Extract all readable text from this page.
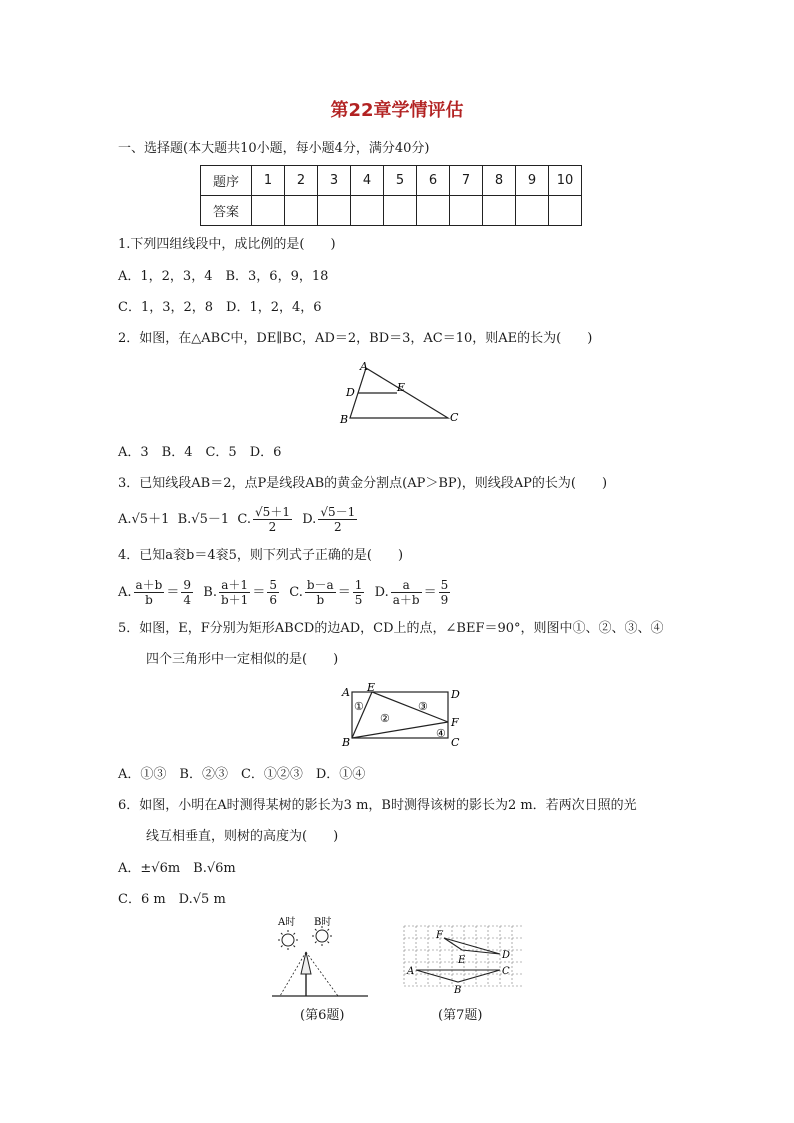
第22章学情评估
一、选择题(本大题共10小题，每小题4分，满分40分)
题序	1	2	3	4	5	6	7	8	9	10
答案										
1.下列四组线段中，成比例的是(　　)
A．1，2，3，4　B．3，6，9，18
C．1，3，2，8　D．1，2，4，6
2．如图，在△ABC中，DE∥BC，AD＝2，BD＝3，AC＝10，则AE的长为(　　)
A
D	E
B	C
A．3　B．4　C．5　D．6
3．已知线段AB＝2，点P是线段AB的黄金分割点(AP＞BP)，则线段AP的长为(　　)
A.√5＋1 B.√5－1 C. $\frac{√5+1}{2} D$. $\frac{√5-1}{2}$
4．已知a衮b＝4衮5，则下列式子正确的是(　　)
A. $\frac{a+b}{b} = \frac{9}{4} B$. $\frac{a+1}{b+1} = \frac{5}{6} C$. $\frac{b-a}{b} = \frac{1}{5} D$. $\frac{a}{a+b} = \frac{5}{9}$
5．如图，E，F分别为矩形ABCD的边AD，CD上的点，∠BEF＝90°，则图中①、②、③、④
四个三角形中一定相似的是(　　)
A E
D
B	C
F
①
②
③
④
A．①③　B．②③　C．①②③　D．①④
6．如图，小明在A时测得某树的影长为3 m，B时测得该树的影长为2 m．若两次日照的光
线互相垂直，则树的高度为(　　)
A．±√6m　B.√6m
C．6 m　D.√5 m
A时 B时
(第6题)
F
E	D
A	C
B
(第7题)
